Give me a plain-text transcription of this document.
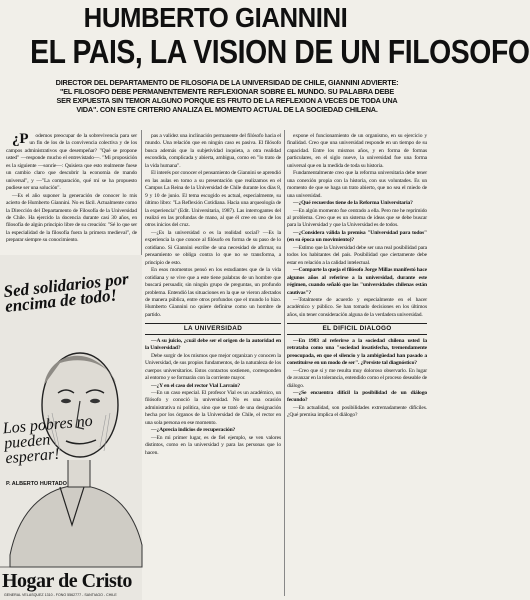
HUMBERTO GIANNINI
EL PAIS, LA VISION DE UN FILOSOFO
DIRECTOR DEL DEPARTAMENTO DE FILOSOFIA DE LA UNIVERSIDAD DE CHILE, GIANNINI ADVIERTE: "EL FILOSOFO DEBE PERMANENTEMENTE REFLEXIONAR SOBRE EL MUNDO. SU PALABRA DEBE SER EXPUESTA SIN TEMOR ALGUNO PORQUE ES FRUTO DE LA REFLEXION A VECES DE TODA UNA VIDA". CON ESTE CRITERIO ANALIZA EL MOMENTO ACTUAL DE LA SOCIEDAD CHILENA.

¿Podemos preocupar de la sobrevivencia para ser un fin de los de la convivencia colectiva y de los campos administrativos que desempeñar? "Qué se propone usted" —responde mucho el entrevistado—. "Mi proposición es la siguiente —sonríe—: Quisiera que esto realmente fuese un cambio claro que descubrir la economía de mando universal", y —"La comparación, qué mí se ha propuesto pudiese ser una solución".

—Es el año suponer la generación de conocer lo mis acierto de Humberto Giannini. No es fácil. Actualmente como la Dirección del Departamento de Filosofía de la Universidad de Chile. Ha ejercido la docencia durante casi 30 años, en filosofía de algún principio libre de su creación: "Sé lo que ser la especialidad de la filosofía fuera la primera medieval", de preparar siempre su conocimiento.

pas a validez una inclinación permanente del filósofo hacia el mundo. Una relación que en ningún caso es pasiva. El filósofo busca además que la subjetividad inquieta, a otra realidad escondida, complicada y abierta, ambigua, como en "lo trato de la vida humana".

El interés por conocer el pensamiento de Giannini se aprendió en las aulas en tomo a su presentación que realizamos en el Campus La Reina de la Universidad de Chile durante los días 8, 9 y 10 de junio. El tema escogido es actual, especialmente, su último libro: "La Reflexión Cotidiana. Hacia una arqueología de la experiencia" (Edit. Universitaria, 1987). Las interrogantes del realizó en las profundas de mano, al que él cree en uno de los otros inicios del cruz.

—¿Es la universidad o es la realidad social? —Es la experiencia la que conoce al filósofo en forma de su paso de lo cotidiano. Si Giannini escribe de una necesidad de afirmar, su pensamiento se obliga contra lo que no se transforma, a principio de esto.

En esos momentos pensó en los estudiantes que de la vida cotidiana y se vive que a este tiene palabras de un hombre que buscará persuadir, sin ningún grupo de preguntas, un profundo problema. Entendió las situaciones en la que se vieron afectados de manera pública, entre otros profundos que el mundo lo hizo. Humberto Giannini no quiere definirse como un hombre de partido.

LA UNIVERSIDAD

—A su juicio, ¿cuál debe ser el origen de la autoridad en la Universidad?

Debe surgir de los mismos que mejor organizan y conocen la Universidad, de sus propios fundamentos, de la naturaleza de los cuerpos universitarios. Estos contactos sostienen, corresponden al entorno y se formarán con la corriente mayor.

—¿Y en el caso del rector Vial Larraín?

—En un caso especial. El profesor Vial es un académico, un filósofo y conoció la universidad. No es una ocasión administrativa ni política, sino que se trató de una designación hecha por los órganos de la Universidad de Chile, el rector en una sola persona en ese momento.

—¿Aprecia indicios de recuperación?

—En mi primer lugar, es de fiel ejemplo, se ven valores distintos, como en la universidad y para las personas que lo hacen.

expone el funcionamiento de un organismo, en su ejercicio y finalidad. Creo que una universidad responde en un tiempo de su capacidad. Entre los mismos años, y en forma de formas particulares, en el siglo nueve, la universidad fue una forma universal que en la medida de toda su historia.

Fundamentalmente creo que la reforma universitaria debe tener una conexión propia con la historia, con sus voluntades. Es un momento de que se haga un trato abierto, que no sea el miedo de una universidad.

—¿Qué recuerdos tiene de la Reforma Universitaria?

—En algún momento fue centrado a ella. Pero me he reprimido al problema. Creo que es un sistema de ideas que se debe buscar para la Universidad y que la Universidad es de todos.

—¿Considera válida la premisa "Universidad para todos" (en su época un movimiento)?

—Estimo que la Universidad debe ser una real posibilidad para todos los habitantes del país. Posibilidad que ciertamente debe estar en relación a la calidad intelectual.

—Comparte la queja el filósofo Jorge Millas manifestó hace algunos años al referirse a la universidad, durante este régimen, cuando señaló que las "universidades chilenas están cautivas"?

—Totalmente de acuerdo y especialmente en el hacer académico y público. Se han tomado decisiones en los últimos años, sin tener consideración alguna de la verdadera universidad.

EL DIFICIL DIALOGO

—En 1983 al referirse a la sociedad chilena usted la retrataba como una "sociedad insatisfecha, tremendamente preocupada, en que el silencio y la ambigüedad han pasado a constituirse en un modo de ser". ¿Persiste tal diagnóstico?

—Creo que sí y me resulta muy doloroso observarlo. En lugar de avanzar en la tolerancia, entendido como el proceso deseable de diálogo.

—¿Se encuentra difícil la posibilidad de un diálogo fecundo?

—En actualidad, son posibilidades extremadamente difíciles. ¿Qué premisa implica el diálogo?

Sed solidarios por encima de todo!
Los pobres no pueden esperar!
P. ALBERTO HURTADO
Hogar de Cristo
GENERAL VELASQUEZ 1310 - FONO 5562777 - SANTIAGO - CHILE
